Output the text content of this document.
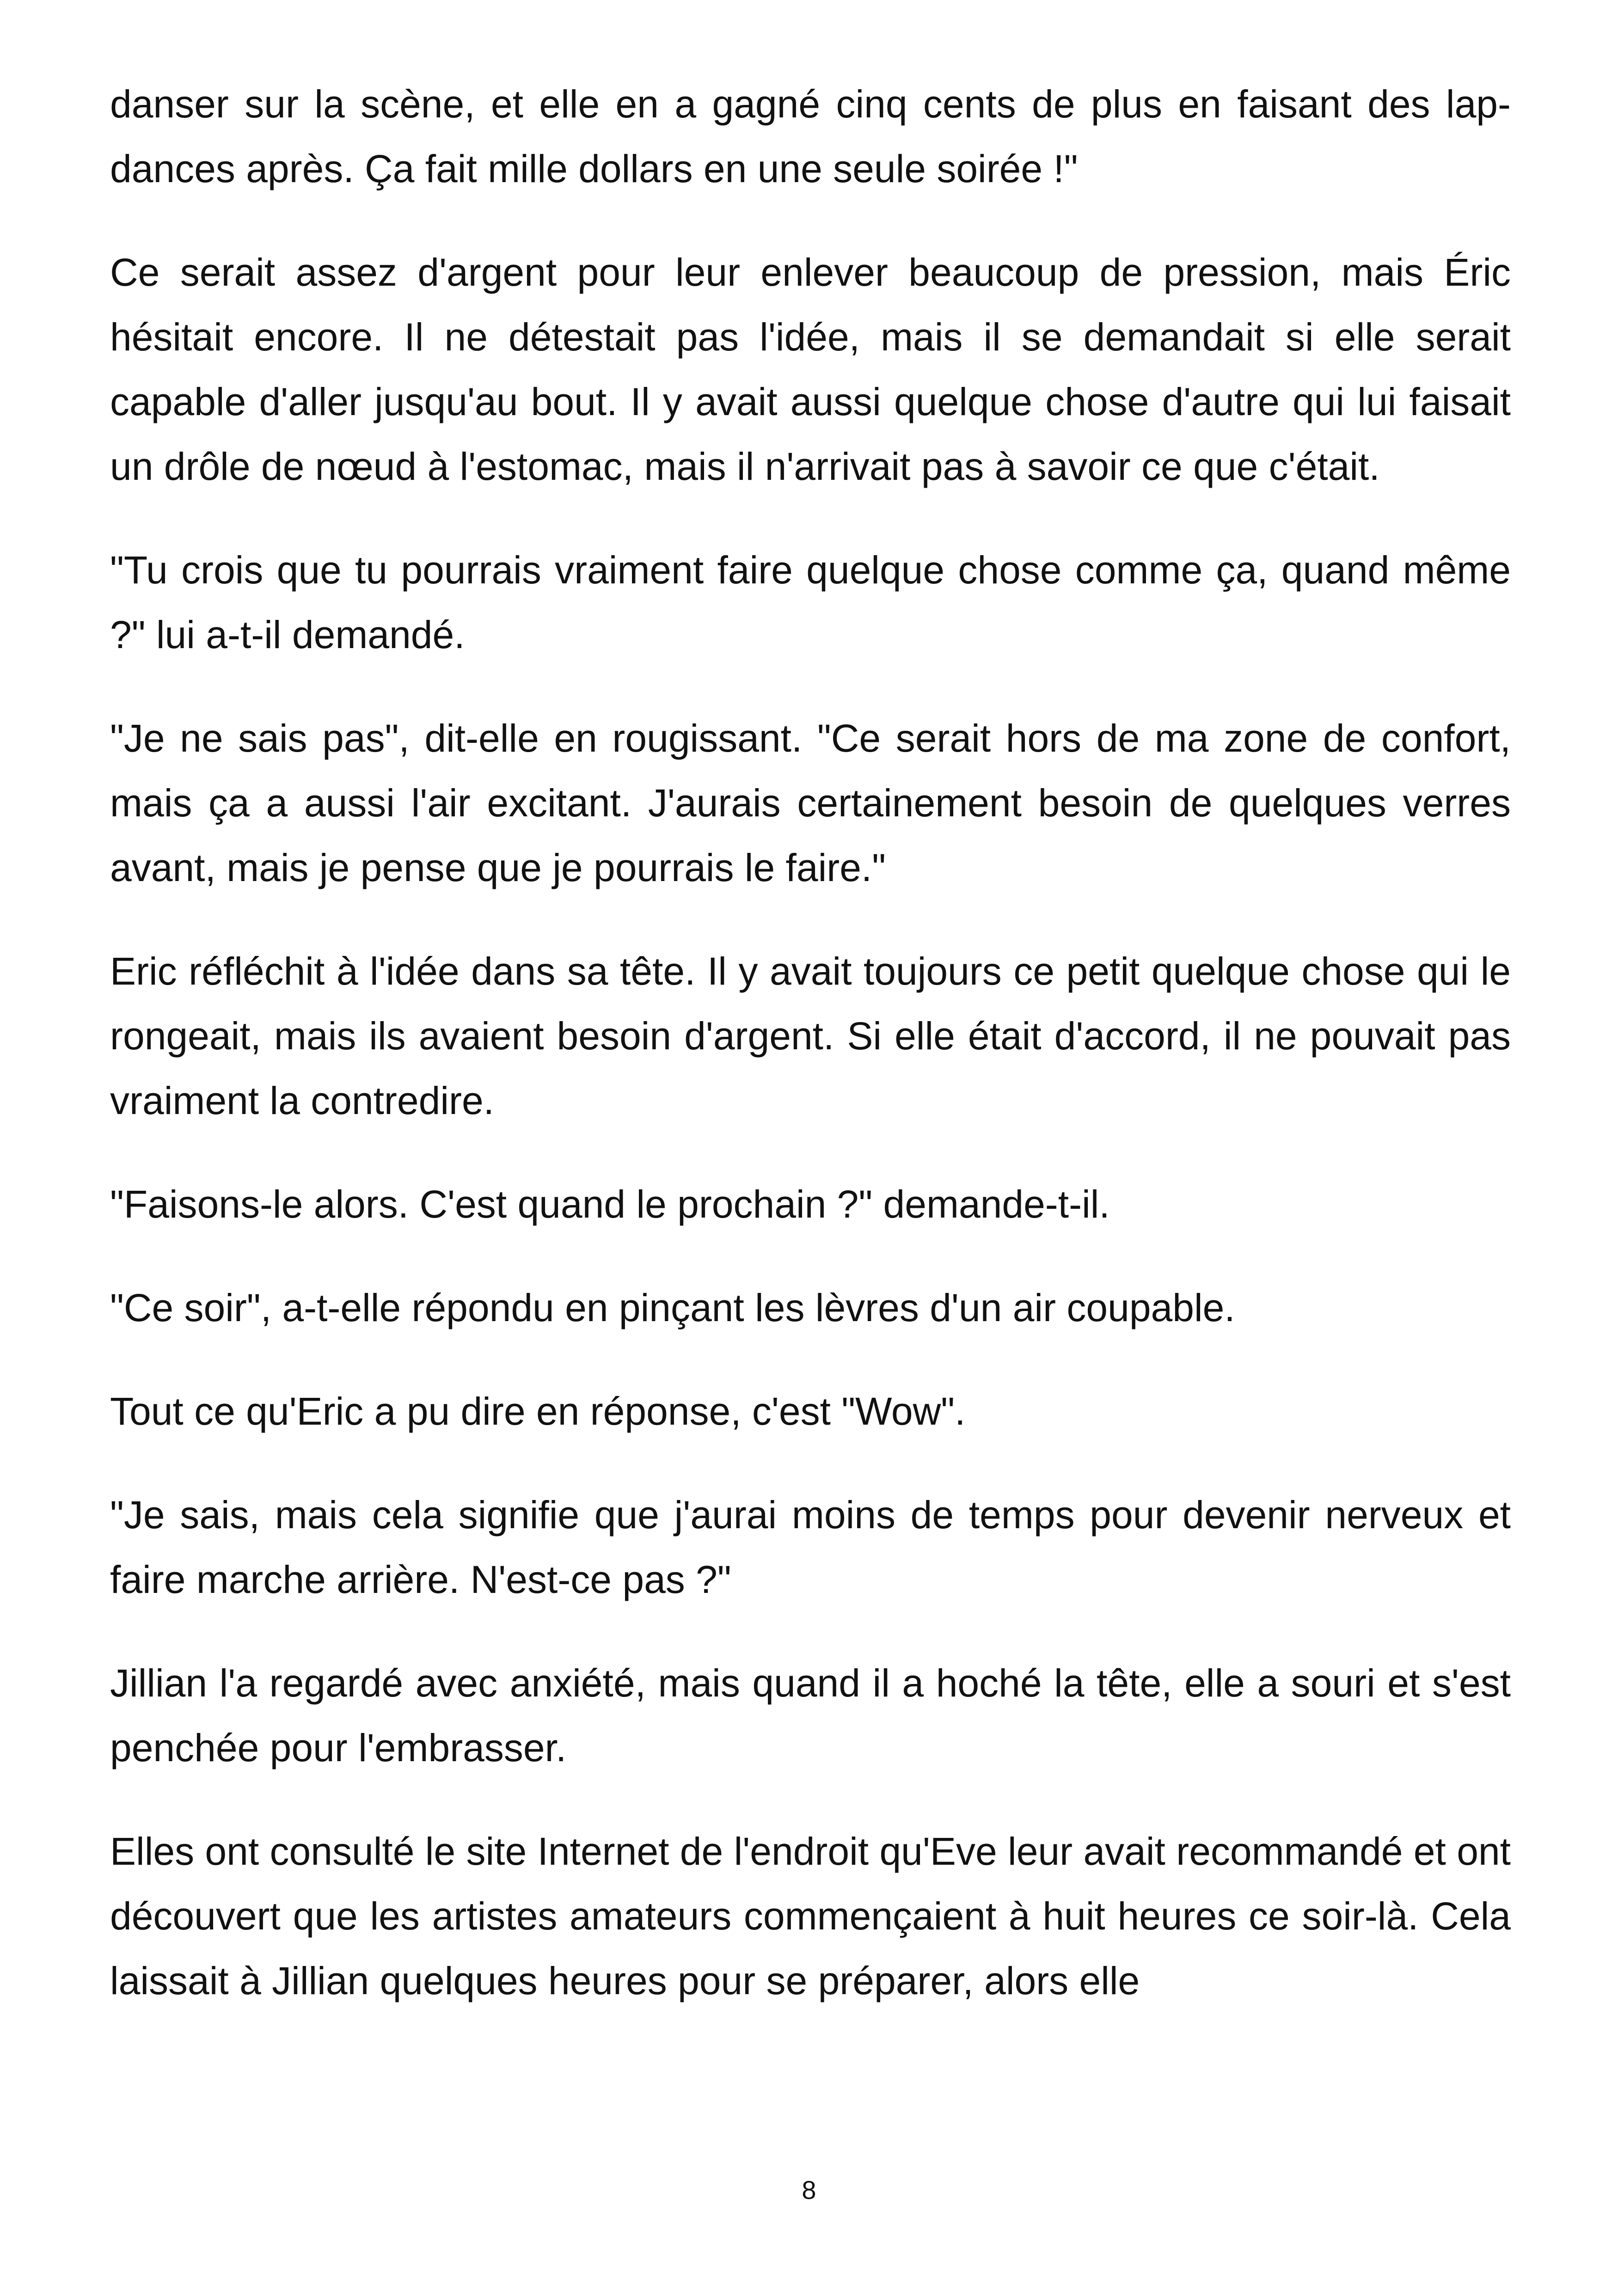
danser sur la scène, et elle en a gagné cinq cents de plus en faisant des lap-dances après. Ça fait mille dollars en une seule soirée !"

Ce serait assez d'argent pour leur enlever beaucoup de pression, mais Éric hésitait encore. Il ne détestait pas l'idée, mais il se demandait si elle serait capable d'aller jusqu'au bout. Il y avait aussi quelque chose d'autre qui lui faisait un drôle de nœud à l'estomac, mais il n'arrivait pas à savoir ce que c'était.

"Tu crois que tu pourrais vraiment faire quelque chose comme ça, quand même ?" lui a-t-il demandé.

"Je ne sais pas", dit-elle en rougissant. "Ce serait hors de ma zone de confort, mais ça a aussi l'air excitant. J'aurais certainement besoin de quelques verres avant, mais je pense que je pourrais le faire."

Eric réfléchit à l'idée dans sa tête. Il y avait toujours ce petit quelque chose qui le rongeait, mais ils avaient besoin d'argent. Si elle était d'accord, il ne pouvait pas vraiment la contredire.

"Faisons-le alors. C'est quand le prochain ?" demande-t-il.

"Ce soir", a-t-elle répondu en pinçant les lèvres d'un air coupable.

Tout ce qu'Eric a pu dire en réponse, c'est "Wow".

"Je sais, mais cela signifie que j'aurai moins de temps pour devenir nerveux et faire marche arrière. N'est-ce pas ?"

Jillian l'a regardé avec anxiété, mais quand il a hoché la tête, elle a souri et s'est penchée pour l'embrasser.

Elles ont consulté le site Internet de l'endroit qu'Eve leur avait recommandé et ont découvert que les artistes amateurs commençaient à huit heures ce soir-là. Cela laissait à Jillian quelques heures pour se préparer, alors elle

8
